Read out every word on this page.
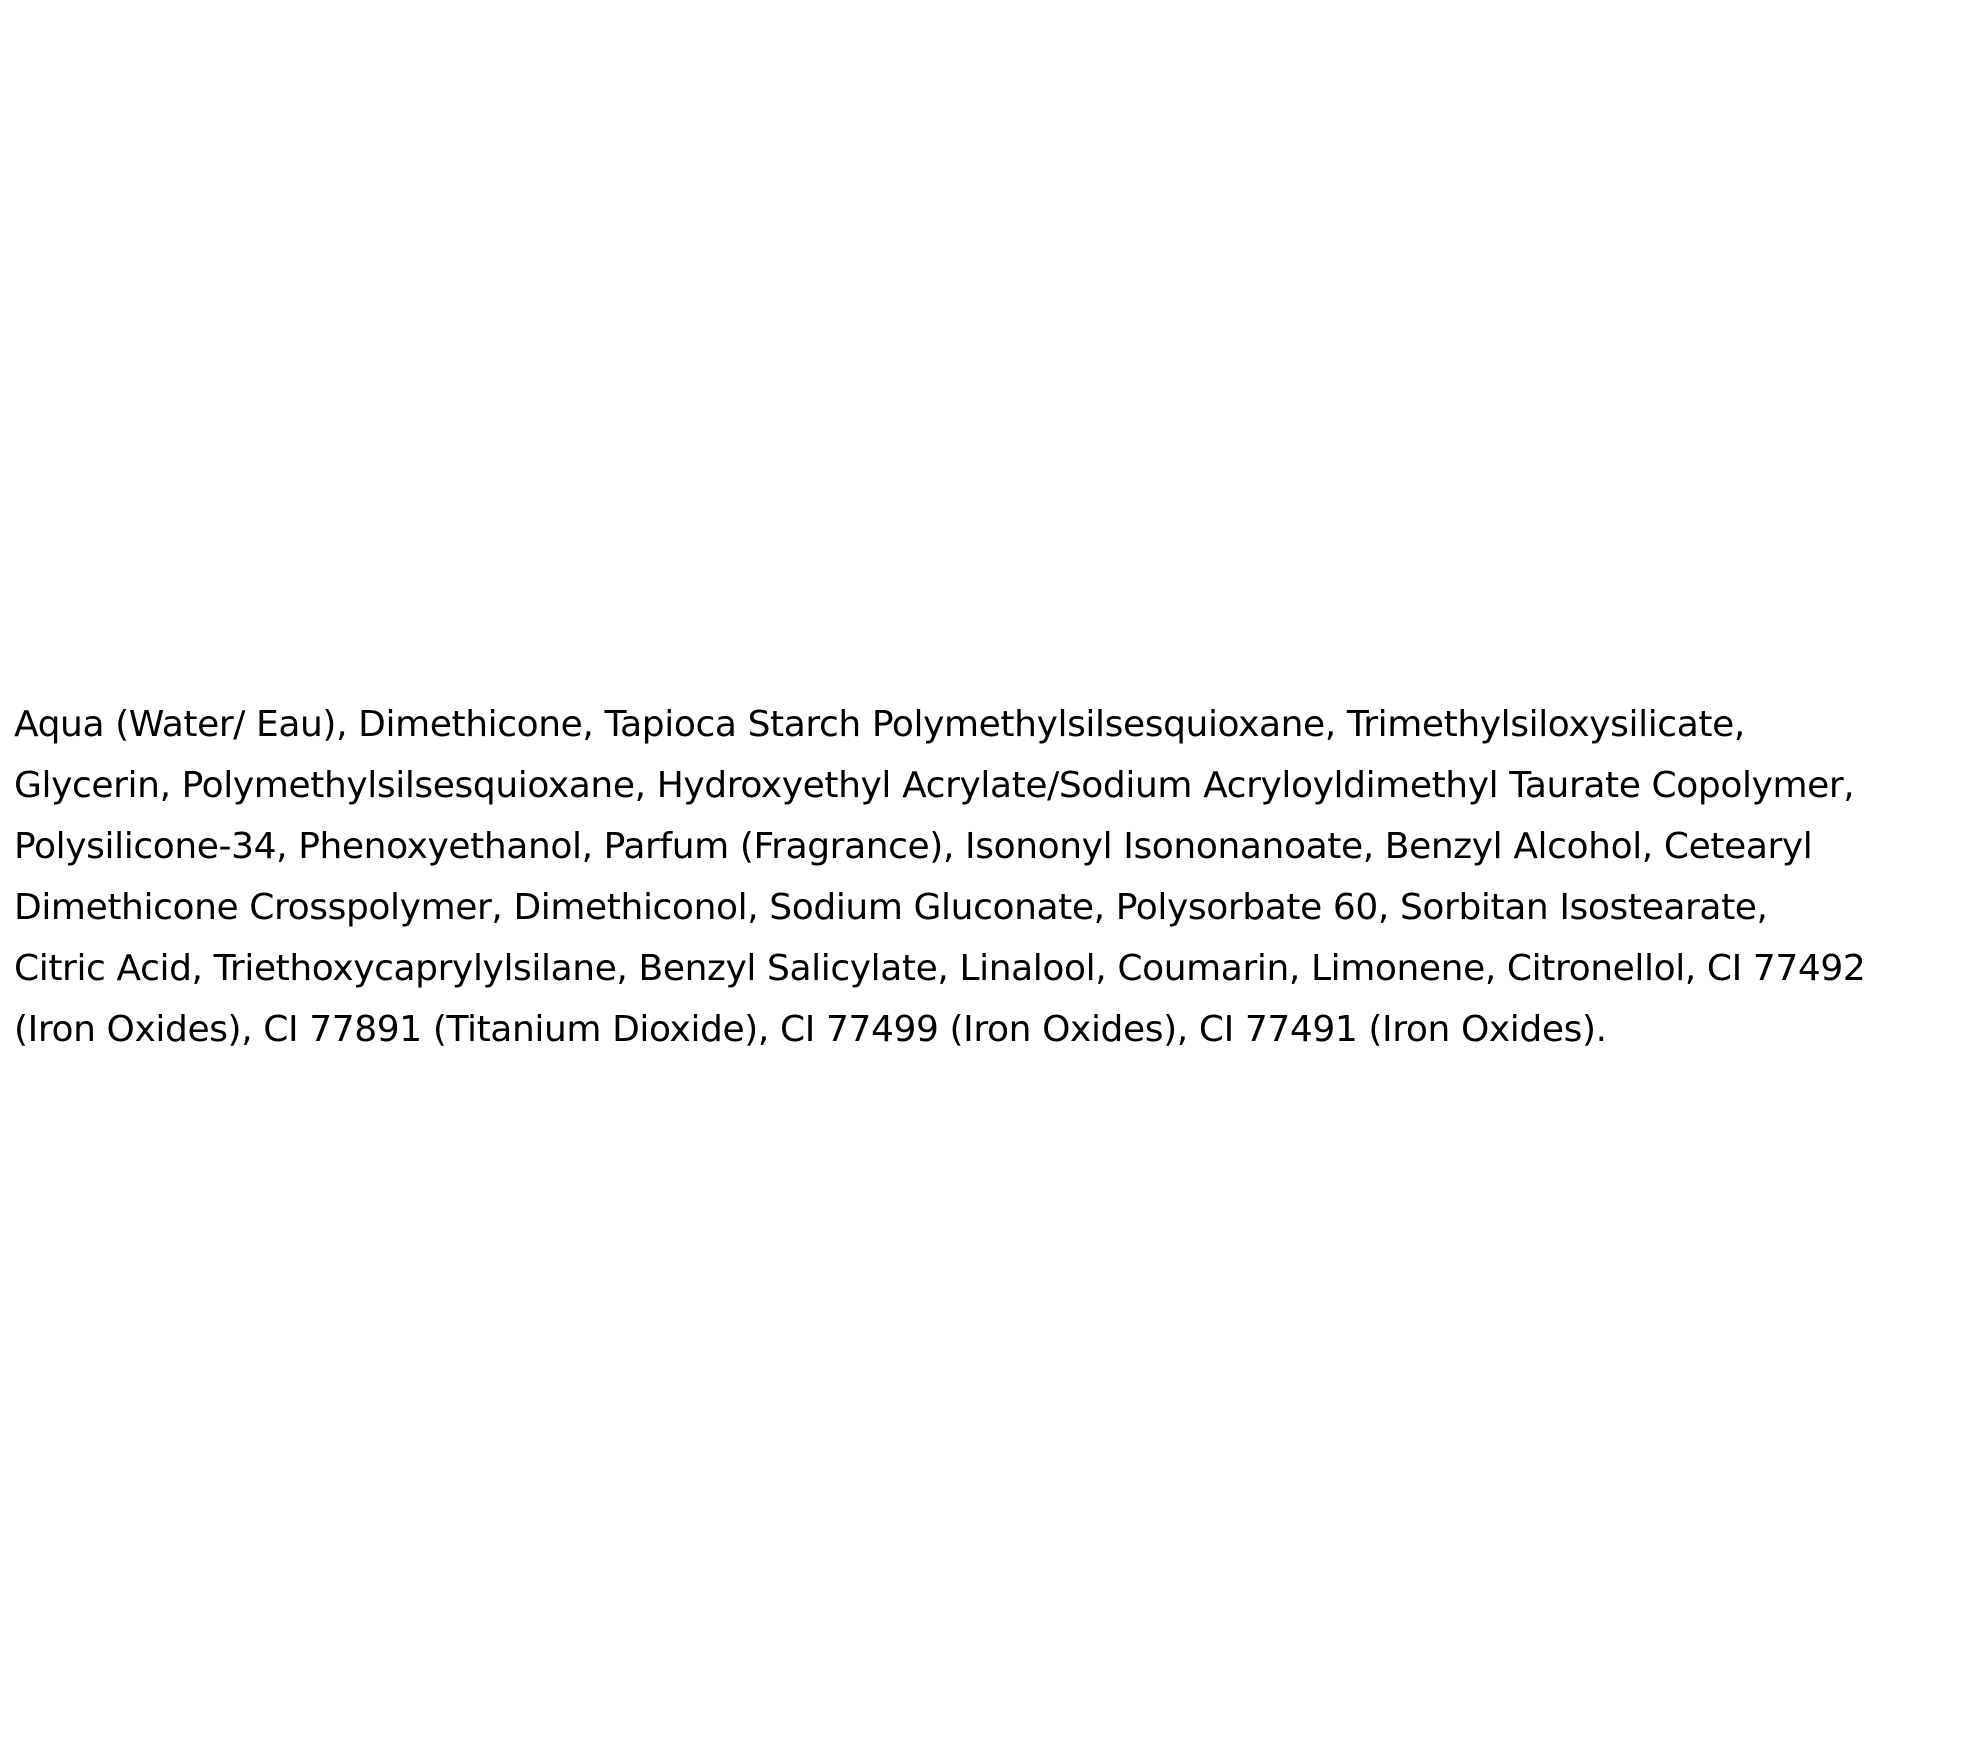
Aqua (Water/ Eau), Dimethicone, Tapioca Starch Polymethylsilsesquioxane, Trimethylsiloxysilicate,
Glycerin, Polymethylsilsesquioxane, Hydroxyethyl Acrylate/Sodium Acryloyldimethyl Taurate Copolymer,
Polysilicone-34, Phenoxyethanol, Parfum (Fragrance), Isononyl Isononanoate, Benzyl Alcohol, Cetearyl
Dimethicone Crosspolymer, Dimethiconol, Sodium Gluconate, Polysorbate 60, Sorbitan Isostearate,
Citric Acid, Triethoxycaprylylsilane, Benzyl Salicylate, Linalool, Coumarin, Limonene, Citronellol, CI 77492
(Iron Oxides), CI 77891 (Titanium Dioxide), CI 77499 (Iron Oxides), CI 77491 (Iron Oxides).
